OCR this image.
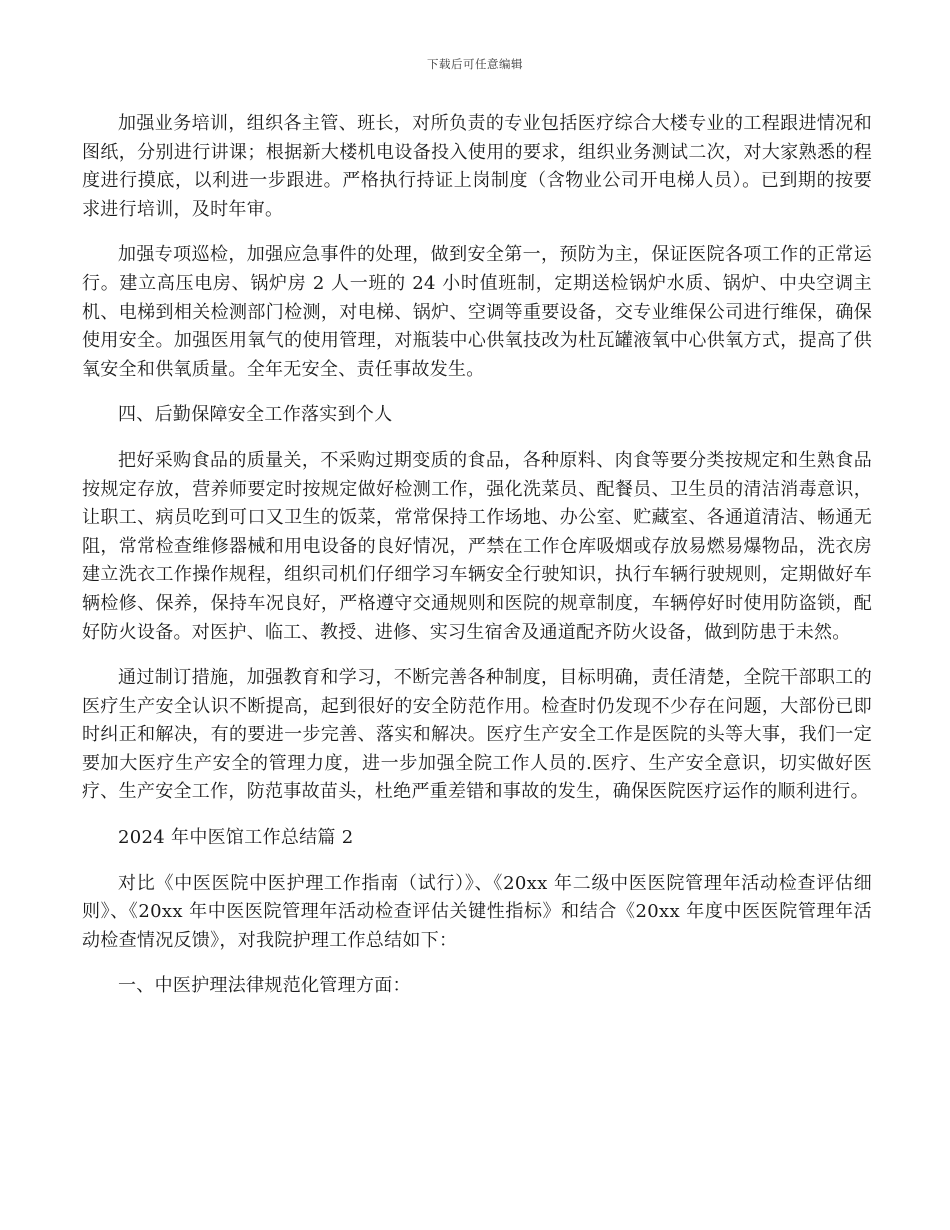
下载后可任意编辑

加强业务培训，组织各主管、班长，对所负责的专业包括医疗综合大楼专业的工程跟进情况和图纸，分别进行讲课；根据新大楼机电设备投入使用的要求，组织业务测试二次，对大家熟悉的程度进行摸底，以利进一步跟进。严格执行持证上岗制度（含物业公司开电梯人员）。已到期的按要求进行培训，及时年审。

加强专项巡检，加强应急事件的处理，做到安全第一，预防为主，保证医院各项工作的正常运行。建立高压电房、锅炉房 2 人一班的 24 小时值班制，定期送检锅炉水质、锅炉、中央空调主机、电梯到相关检测部门检测，对电梯、锅炉、空调等重要设备，交专业维保公司进行维保，确保使用安全。加强医用氧气的使用管理，对瓶装中心供氧技改为杜瓦罐液氧中心供氧方式，提高了供氧安全和供氧质量。全年无安全、责任事故发生。

四、后勤保障安全工作落实到个人

把好采购食品的质量关，不采购过期变质的食品，各种原料、肉食等要分类按规定和生熟食品按规定存放，营养师要定时按规定做好检测工作，强化洗菜员、配餐员、卫生员的清洁消毒意识，让职工、病员吃到可口又卫生的饭菜，常常保持工作场地、办公室、贮藏室、各通道清洁、畅通无阻，常常检查维修器械和用电设备的良好情况，严禁在工作仓库吸烟或存放易燃易爆物品，洗衣房建立洗衣工作操作规程，组织司机们仔细学习车辆安全行驶知识，执行车辆行驶规则，定期做好车辆检修、保养，保持车况良好，严格遵守交通规则和医院的规章制度，车辆停好时使用防盗锁，配好防火设备。对医护、临工、教授、进修、实习生宿舍及通道配齐防火设备，做到防患于未然。

通过制订措施，加强教育和学习，不断完善各种制度，目标明确，责任清楚，全院干部职工的医疗生产安全认识不断提高，起到很好的安全防范作用。检查时仍发现不少存在问题，大部份已即时纠正和解决，有的要进一步完善、落实和解决。医疗生产安全工作是医院的头等大事，我们一定要加大医疗生产安全的管理力度，进一步加强全院工作人员的.医疗、生产安全意识，切实做好医疗、生产安全工作，防范事故苗头，杜绝严重差错和事故的发生，确保医院医疗运作的顺利进行。

2024 年中医馆工作总结篇 2

对比《中医医院中医护理工作指南（试行）》、《20xx 年二级中医医院管理年活动检查评估细则》、《20xx 年中医医院管理年活动检查评估关键性指标》和结合《20xx 年度中医医院管理年活动检查情况反馈》，对我院护理工作总结如下：

一、中医护理法律规范化管理方面：
